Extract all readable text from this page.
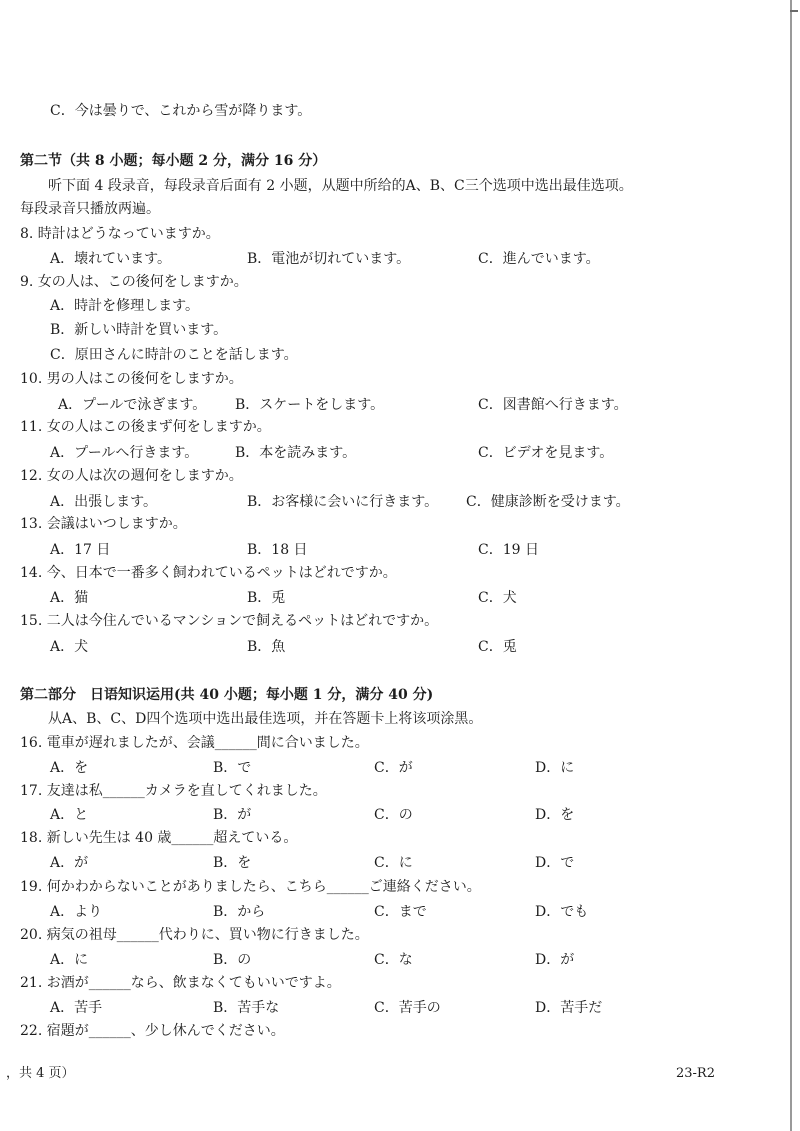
C．今は曇りで、これから雪が降ります。
第二节（共 8 小题；每小题 2 分，满分 16 分）
听下面 4 段录音，每段录音后面有 2 小题，从题中所给的A、B、C三个选项中选出最佳选项。
每段录音只播放两遍。
8. 時計はどうなっていますか。
A．壊れています。	B．電池が切れています。	C．進んでいます。
9. 女の人は、この後何をしますか。
A．時計を修理します。
B．新しい時計を買います。
C．原田さんに時計のことを話します。
10. 男の人はこの後何をしますか。
A．プールで泳ぎます。 B．スケートをします。	C．図書館へ行きます。
11. 女の人はこの後まず何をしますか。
A．プールへ行きます。	B．本を読みます。	C．ビデオを見ます。
12. 女の人は次の週何をしますか。
A．出張します。	B．お客様に会いに行きます。 C．健康診断を受けます。
13. 会議はいつしますか。
A．17 日	B．18 日	C．19 日
14. 今、日本で一番多く飼われているペットはどれですか。
A．猫	B．兎	C．犬
15. 二人は今住んでいるマンションで飼えるペットはどれですか。
A．犬	B．魚	C．兎
第二部分　日语知识运用(共 40 小题；每小题 1 分，满分 40 分)
从A、B、C、D四个选项中选出最佳选项，并在答题卡上将该项涂黑。
16. 電車が遅れましたが、会議______間に合いました。
A．を	B．で	C．が	D．に
17. 友達は私______カメラを直してくれました。
A．と	B．が	C．の	D．を
18. 新しい先生は 40 歳______超えている。
A．が	B．を	C．に	D．で
19. 何かわからないことがありましたら、こちら______ご連絡ください。
A．より	B．から	C．まで	D．でも
20. 病気の祖母______代わりに、買い物に行きました。
A．に	B．の	C．な	D．が
21. お酒が______なら、飲まなくてもいいですよ。
A．苦手	B．苦手な	C．苦手の	D．苦手だ
22. 宿題が______、少し休んでください。
，共 4 页）	23-R2
